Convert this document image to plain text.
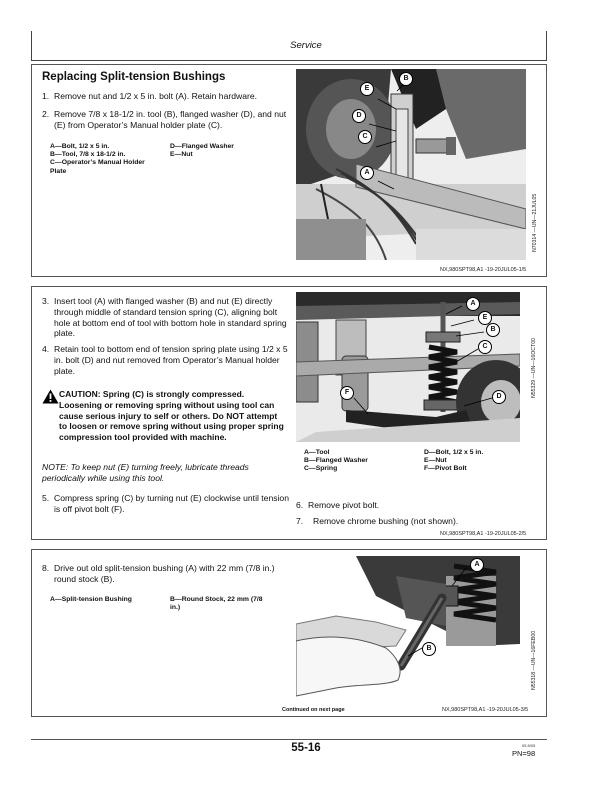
Service
Replacing Split-tension Bushings
1. Remove nut and 1/2 x 5 in. bolt (A). Retain hardware.
2. Remove 7/8 x 18-1/2 in. tool (B), flanged washer (D), and nut (E) from Operator’s Manual holder plate (C).
A—Bolt, 1/2 x 5 in.
B—Tool, 7/8 x 18-1/2 in.
C—Operator’s Manual Holder
Plate
D—Flanged Washer
E—Nut
B
E
D
C
A
N70314 —UN—21JUL05
NX,980SPT98,A1 -19-20JUL05-1/5
3. Insert tool (A) with flanged washer (B) and nut (E) directly through middle of standard tension spring (C), aligning bolt hole at bottom end of tool with bottom hole in standard spring plate.
4. Retain tool to bottom end of tension spring plate using 1/2 x 5 in. bolt (D) and nut removed from Operator’s Manual holder plate.
CAUTION: Spring (C) is strongly compressed. Loosening or removing spring without using tool can cause serious injury to self or others. Do NOT attempt to loosen or remove spring without using proper spring compression tool provided with machine.
NOTE: To keep nut (E) turning freely, lubricate threads periodically while using this tool.
5. Compress spring (C) by turning nut (E) clockwise until tension is off pivot bolt (F).
A
E
B
C
D
F	N55329 —UN—16OCT00
A—Tool
B—Flanged Washer
C—Spring
D—Bolt, 1/2 x 5 in.
E—Nut
F—Pivot Bolt
6. Remove pivot bolt.
7.	Remove chrome bushing (not shown).
NX,980SPT98,A1 -19-20JUL05-2/5
8. Drive out old split-tension bushing (A) with 22 mm (7/8 in.) round stock (B).
A—Split-tension Bushing	B—Round Stock, 22 mm (7/8
in.)
A
B	N55318 —UN—16FEB00
Continued on next page	NX,980SPT98,A1 -19-20JUL05-3/5
55-16	05 8/05
PN=98
